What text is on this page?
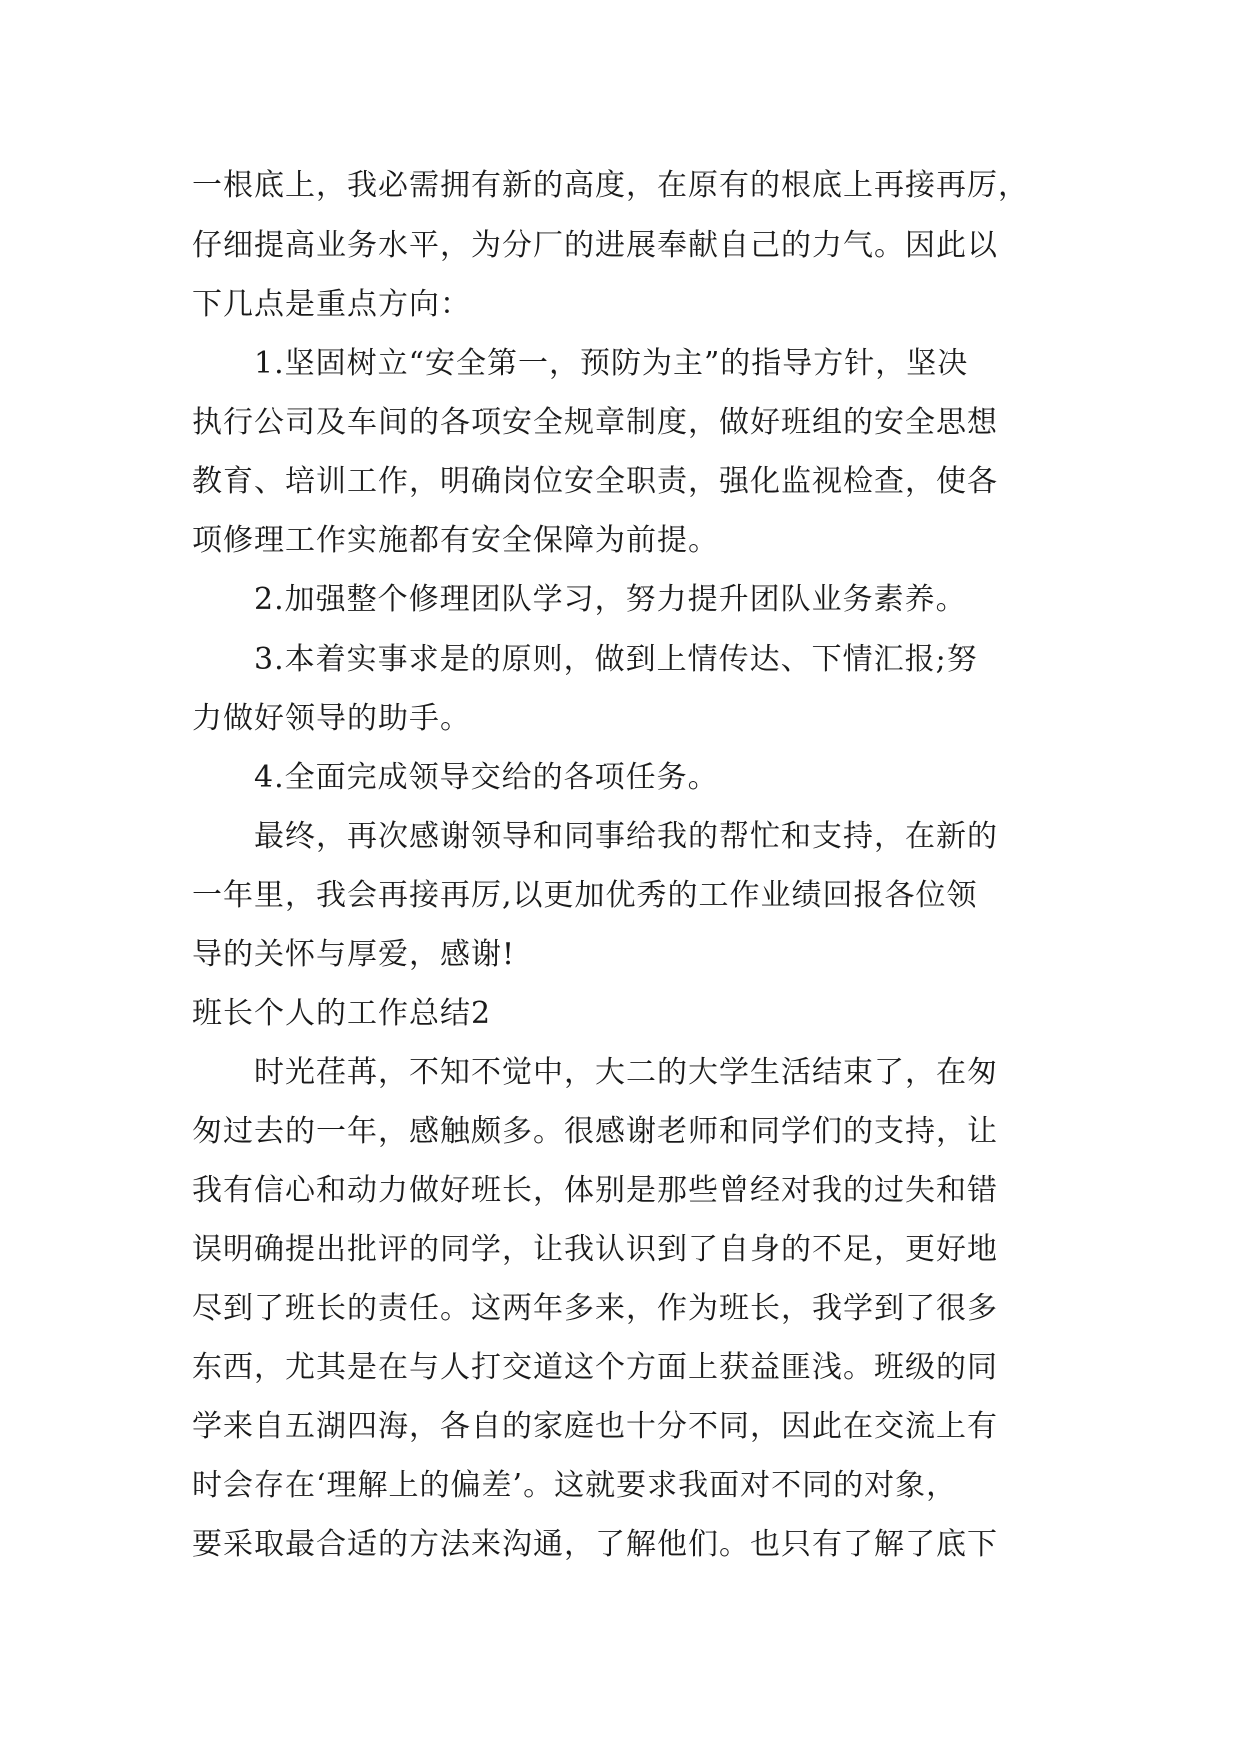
一根底上，我必需拥有新的高度，在原有的根底上再接再厉，
仔细提高业务水平，为分厂的进展奉献自己的力气。因此以
下几点是重点方向：
1.坚固树立“安全第一，预防为主”的指导方针，坚决
执行公司及车间的各项安全规章制度，做好班组的安全思想
教育、培训工作，明确岗位安全职责，强化监视检查，使各
项修理工作实施都有安全保障为前提。
2.加强整个修理团队学习，努力提升团队业务素养。
3.本着实事求是的原则，做到上情传达、下情汇报;努
力做好领导的助手。
4.全面完成领导交给的各项任务。
最终，再次感谢领导和同事给我的帮忙和支持，在新的
一年里，我会再接再厉,以更加优秀的工作业绩回报各位领
导的关怀与厚爱，感谢!
班长个人的工作总结2
时光荏苒，不知不觉中，大二的大学生活结束了，在匆
匆过去的一年，感触颇多。很感谢老师和同学们的支持，让
我有信心和动力做好班长，体别是那些曾经对我的过失和错
误明确提出批评的同学，让我认识到了自身的不足，更好地
尽到了班长的责任。这两年多来，作为班长，我学到了很多
东西，尤其是在与人打交道这个方面上获益匪浅。班级的同
学来自五湖四海，各自的家庭也十分不同，因此在交流上有
时会存在‘理解上的偏差’。这就要求我面对不同的对象，
要采取最合适的方法来沟通，了解他们。也只有了解了底下
